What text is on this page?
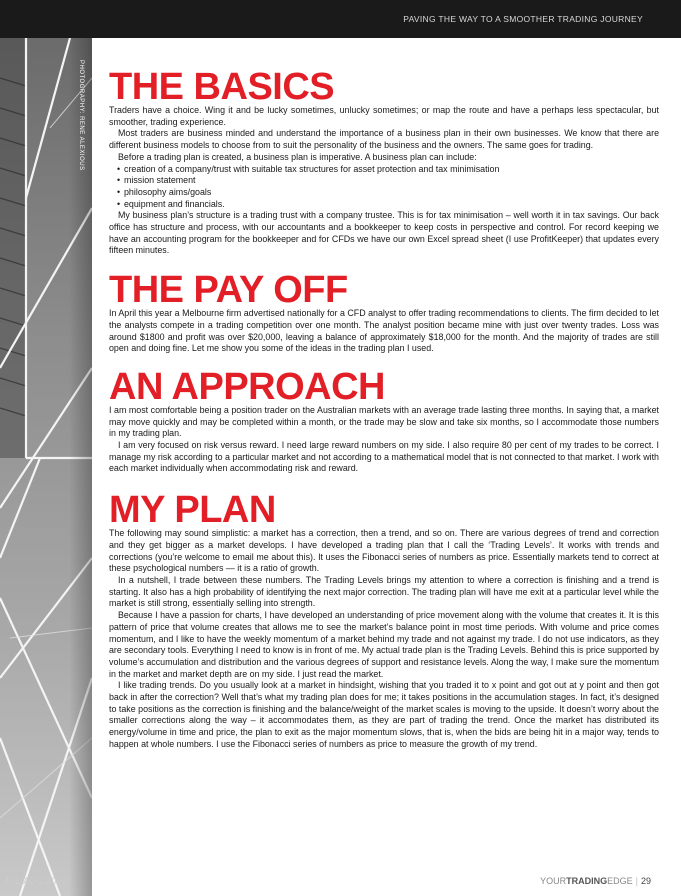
PAVING THE WAY TO A SMOOTHER TRADING JOURNEY
PHOTOGRAPHY: RENE ALEXIOUS THE BASICS

Traders have a choice. Wing it and be lucky sometimes, unlucky sometimes; or map the route and have a perhaps less spectacular, but smoother, trading experience.

Most traders are business minded and understand the importance of a business plan in their own businesses. We know that there are different business models to choose from to suit the personality of the business and the owners. The same goes for trading.

Before a trading plan is created, a business plan is imperative. A business plan can include:

• creation of a company/trust with suitable tax structures for asset protection and tax minimisation
• mission statement
• philosophy aims/goals
• equipment and financials.

My business plan’s structure is a trading trust with a company trustee. This is for tax minimisation – well worth it in tax savings. Our back office has structure and process, with our accountants and a bookkeeper to keep costs in perspective and control. For record keeping we have an accounting program for the bookkeeper and for CFDs we have our own Excel spread sheet (I use ProfitKeeper) that updates every fifteen minutes.

THE PAY OFF

In April this year a Melbourne firm advertised nationally for a CFD analyst to offer trading recommendations to clients. The firm decided to let the analysts compete in a trading competition over one month. The analyst position became mine with just over twenty trades. Loss was around $1800 and profit was over $20,000, leaving a balance of approximately $18,000 for the month. And the majority of trades are still open and doing fine. Let me show you some of the ideas in the trading plan I used.

AN APPROACH

I am most comfortable being a position trader on the Australian markets with an average trade lasting three months. In saying that, a market may move quickly and may be completed within a month, or the trade may be slow and take six months, so I accommodate those numbers in my trading plan.

I am very focused on risk versus reward. I need large reward numbers on my side. I also require 80 per cent of my trades to be correct. I manage my risk according to a particular market and not according to a mathematical model that is not connected to that market. I work with each market individually when accommodating risk and reward.

MY PLAN

The following may sound simplistic: a market has a correction, then a trend, and so on. There are various degrees of trend and correction and they get bigger as a market develops. I have developed a trading plan that I call the ‘Trading Levels’. It works with trends and corrections (you’re welcome to email me about this). It uses the Fibonacci series of numbers as price. Essentially markets tend to correct at these psychological numbers — it is a ratio of growth.

In a nutshell, I trade between these numbers. The Trading Levels brings my attention to where a correction is finishing and a trend is starting. It also has a high probability of identifying the next major correction. The trading plan will have me exit at a particular level while the market is still strong, essentially selling into strength.

Because I have a passion for charts, I have developed an understanding of price movement along with the volume that creates it. It is this pattern of price that volume creates that allows me to see the market’s balance point in most time periods. With volume and price comes momentum, and I like to have the weekly momentum of a market behind my trade and not against my trade. I do not use indicators, as they are secondary tools. Everything I need to know is in front of me. My actual trade plan is the Trading Levels. Behind this is price supported by volume’s accumulation and distribution and the various degrees of support and resistance levels. Along the way, I make sure the momentum in the market and market depth are on my side. I just read the market.

I like trading trends. Do you usually look at a market in hindsight, wishing that you traded it to x point and got out at y point and then got back in after the correction? Well that’s what my trading plan does for me; it takes positions in the accumulation stages. In fact, it’s designed to take positions as the correction is finishing and the balance/weight of the market scales is moving to the upside. It doesn’t worry about the smaller corrections along the way – it accommodates them, as they are part of trading the trend. Once the market has distributed its energy/volume in time and price, the plan to exit as the major momentum slows, that is, when the bids are being hit in a major way, tends to happen at whole numbers. I use the Fibonacci series of numbers as price to measure the growth of my trend.

JUL/AUG 2007	YOURTRADINGEDGE | 29
